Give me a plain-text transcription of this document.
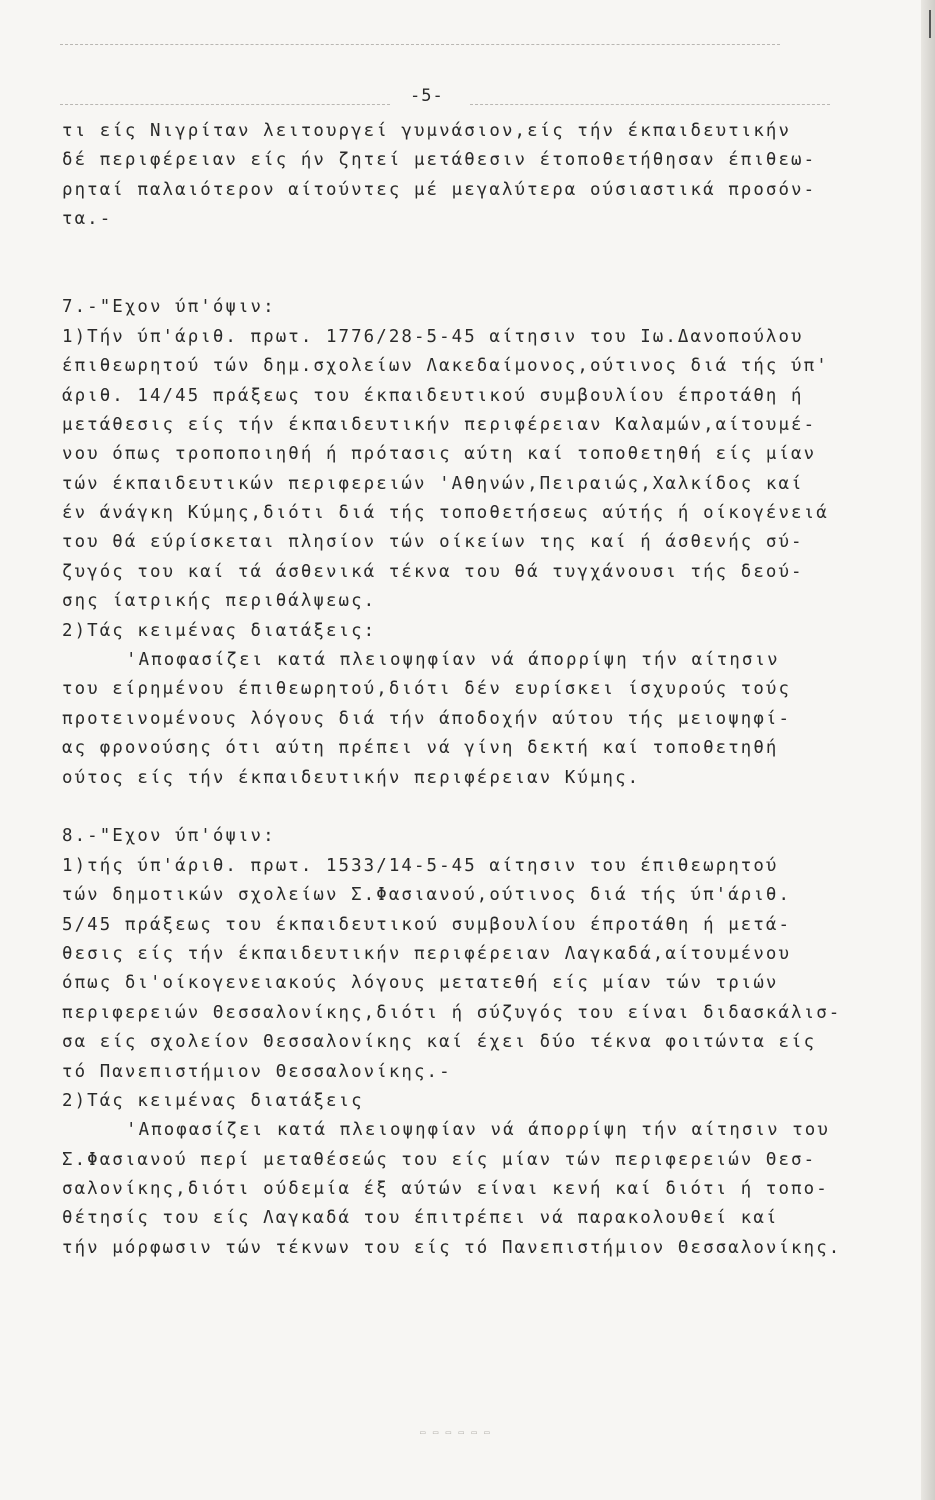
-5-
τι είς Νιγρίταν λειτουργεί γυμνάσιον,είς τήν έκπαιδευτικήν
δέ περιφέρειαν είς ήν ζητεί μετάθεσιν έτοποθετήθησαν έπιθεω-
ρηταί παλαιότερον αίτούντες μέ μεγαλύτερα ούσιαστικά προσόν-
τα.-
7.-"Εχον ύπ'όψιν:
1)Τήν ύπ'άριθ. πρωτ. 1776/28-5-45 αίτησιν του Ιω.Δανοπούλου
έπιθεωρητού τών δημ.σχολείων Λακεδαίμονος,ούτινος διά τής ύπ'
άριθ. 14/45 πράξεως του έκπαιδευτικού συμβουλίου έπροτάθη ή
μετάθεσις είς τήν έκπαιδευτικήν περιφέρειαν Καλαμών,αίτουμέ-
νου όπως τροποποιηθή ή πρότασις αύτη καί τοποθετηθή είς μίαν
τών έκπαιδευτικών περιφερειών 'Αθηνών,Πειραιώς,Χαλκίδος καί
έν άνάγκη Κύμης,διότι διά τής τοποθετήσεως αύτής ή οίκογένειά
του θά εύρίσκεται πλησίον τών οίκείων της καί ή άσθενής σύ-
ζυγός του καί τά άσθενικά τέκνα του θά τυγχάνουσι τής δεού-
σης ίατρικής περιθάλψεως.
2)Τάς κειμένας διατάξεις:
'Αποφασίζει κατά πλειοψηφίαν νά άπορρίψη τήν αίτησιν
του είρημένου έπιθεωρητού,διότι δέν ευρίσκει ίσχυρούς τούς
προτεινομένους λόγους διά τήν άποδοχήν αύτου τής μειοψηφί-
ας φρονούσης ότι αύτη πρέπει νά γίνη δεκτή καί τοποθετηθή
ούτος είς τήν έκπαιδευτικήν περιφέρειαν Κύμης.
8.-"Εχον ύπ'όψιν:
1)τής ύπ'άριθ. πρωτ. 1533/14-5-45 αίτησιν του έπιθεωρητού
τών δημοτικών σχολείων Σ.Φασιανού,ούτινος διά τής ύπ'άριθ.
5/45 πράξεως του έκπαιδευτικού συμβουλίου έπροτάθη ή μετά-
θεσις είς τήν έκπαιδευτικήν περιφέρειαν Λαγκαδά,αίτουμένου
όπως δι'οίκογενειακούς λόγους μετατεθή είς μίαν τών τριών
περιφερειών Θεσσαλονίκης,διότι ή σύζυγός του είναι διδασκάλισ-
σα είς σχολείον Θεσσαλονίκης καί έχει δύο τέκνα φοιτώντα είς
τό Πανεπιστήμιον Θεσσαλονίκης.-
2)Τάς κειμένας διατάξεις
'Αποφασίζει κατά πλειοψηφίαν νά άπορρίψη τήν αίτησιν του
Σ.Φασιανού περί μεταθέσεώς του είς μίαν τών περιφερειών Θεσ-
σαλονίκης,διότι ούδεμία έξ αύτών είναι κενή καί διότι ή τοπο-
θέτησίς του είς Λαγκαδά του έπιτρέπει νά παρακολουθεί καί
τήν μόρφωσιν τών τέκνων του είς τό Πανεπιστήμιον Θεσσαλονίκης.
▭ ▭ ▭ ▭ ▭ ▭
